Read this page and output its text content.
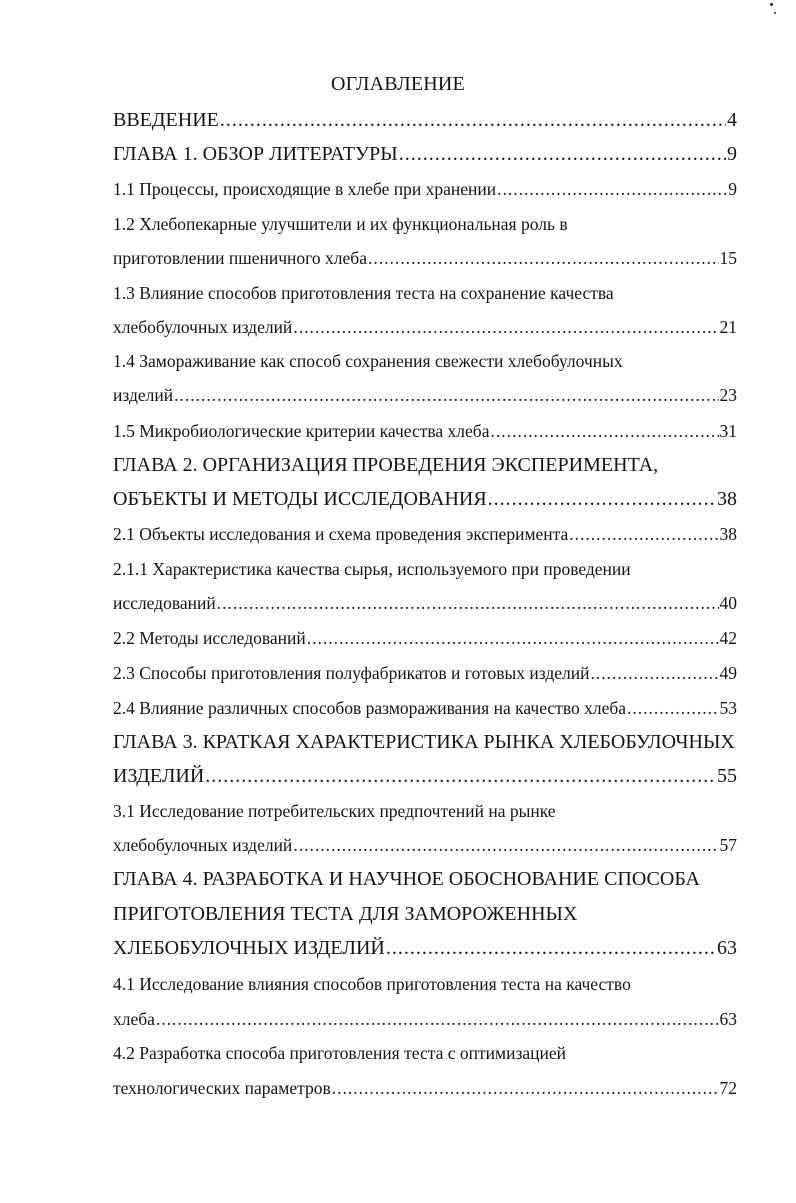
ОГЛАВЛЕНИЕ
ВВЕДЕНИЕ .....	4
ГЛАВА 1. ОБЗОР ЛИТЕРАТУРЫ .....	9
1.1 Процессы, происходящие в хлебе при хранении .....	9
1.2 Хлебопекарные улучшители и их функциональная роль в
приготовлении пшеничного хлеба .....	15
1.3 Влияние способов приготовления теста на сохранение качества
хлебобулочных изделий .....	21
1.4 Замораживание как способ сохранения свежести хлебобулочных
изделий .....	23
1.5 Микробиологические критерии качества хлеба .....	31
ГЛАВА 2. ОРГАНИЗАЦИЯ ПРОВЕДЕНИЯ ЭКСПЕРИМЕНТА,
ОБЪЕКТЫ И МЕТОДЫ ИССЛЕДОВАНИЯ .....	38
2.1 Объекты исследования и схема проведения эксперимента .....	38
2.1.1 Характеристика качества сырья, используемого при проведении
исследований .....	40
2.2 Методы исследований .....	42
2.3 Способы приготовления полуфабрикатов и готовых изделий .....	49
2.4 Влияние различных способов размораживания на качество хлеба .....	53
ГЛАВА 3. КРАТКАЯ ХАРАКТЕРИСТИКА РЫНКА ХЛЕБОБУЛОЧНЫХ
ИЗДЕЛИЙ .....	55
3.1 Исследование потребительских предпочтений на рынке
хлебобулочных изделий .....	57
ГЛАВА 4. РАЗРАБОТКА И НАУЧНОЕ ОБОСНОВАНИЕ СПОСОБА
ПРИГОТОВЛЕНИЯ ТЕСТА ДЛЯ ЗАМОРОЖЕННЫХ
ХЛЕБОБУЛОЧНЫХ ИЗДЕЛИЙ .....	63
4.1 Исследование влияния способов приготовления теста на качество
хлеба .....	63
4.2 Разработка способа приготовления теста с оптимизацией
технологических параметров .....	72
